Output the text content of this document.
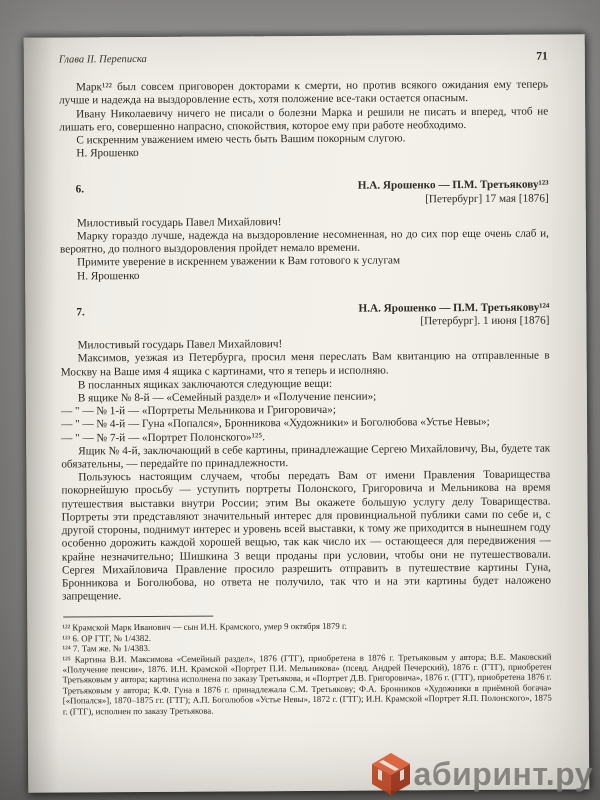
Глава II. Переписка	71

Марк¹²² был совсем приговорен докторами к смерти, но против всякого ожидания ему теперь лучше и надежда на выздоровление есть, хотя положение все-таки остается опасным.

Ивану Николаевичу ничего не писали о болезни Марка и решили не писать и вперед, чтоб не лишать его, совершенно напрасно, спокойствия, которое ему при работе необходимо.

С искренним уважением имею честь быть Вашим покорным слугою.

Н. Ярошенко

6.	Н.А. Ярошенко — П.М. Третьякову¹²³
[Петербург] 17 мая [1876]

Милостивый государь Павел Михайлович!

Марку гораздо лучше, надежда на выздоровление несомненная, но до сих пор еще очень слаб и, вероятно, до полного выздоровления пройдет немало времени.

Примите уверение в искреннем уважении к Вам готового к услугам

Н. Ярошенко

7.	Н.А. Ярошенко — П.М. Третьякову¹²⁴
[Петербург]. 1 июня [1876]

Милостивый государь Павел Михайлович!

Максимов, уезжая из Петербурга, просил меня переслать Вам квитанцию на отправленные в Москву на Ваше имя 4 ящика с картинами, что я теперь и исполняю.

В посланных ящиках заключаются следующие вещи:

В ящике № 8-й — «Семейный раздел» и «Получение пенсии»;

— " — № 1-й — «Портреты Мельникова и Григоровича»;

— " — № 4-й — Гуна «Попался», Бронникова «Художники» и Боголюбова «Устье Невы»;

— " — № 7-й — «Портрет Полонского»¹²⁵.

Ящик № 4-й, заключающий в себе картины, принадлежащие Сергею Михайловичу, Вы, будете так обязательны, — передайте по принадлежности.

Пользуюсь настоящим случаем, чтобы передать Вам от имени Правления Товарищества покорнейшую просьбу — уступить портреты Полонского, Григоровича и Мельникова на время путешествия выставки внутри России; этим Вы окажете большую услугу делу Товарищества. Портреты эти представляют значительный интерес для провинциальной публики сами по себе и, с другой стороны, поднимут интерес и уровень всей выставки, к тому же приходится в нынешнем году особенно дорожить каждой хорошей вещью, так как число их — остающееся для передвижения — крайне незначительно; Шишкина 3 вещи проданы при условии, чтобы они не путешествовали. Сергея Михайловича Правление просило разрешить отправить в путешествие картины Гуна, Бронникова и Боголюбова, но ответа не получило, так что и на эти картины будет наложено запрещение.

¹²² Крамской Марк Иванович — сын И.Н. Крамского, умер 9 октября 1879 г.

¹²³ 6. ОР ГТГ, № 1/4382.

¹²⁴ 7. Там же. № 1/4383.

¹²⁵ Картина В.И. Максимова «Семейный раздел», 1876 (ГТГ), приобретена в 1876 г. Третьяковым у автора; В.Е. Маковский «Получение пенсии», 1876. И.Н. Крамской «Портрет П.И. Мельникова» (псевд. Андрей Печерский), 1876 г. (ГТГ), приобретен Третьяковым у автора; картина исполнена по заказу Третьякова, и «Портрет Д.В. Григоровича», 1876 г. (ГТГ), приобретена 1876 г. Третьяковым у автора; К.Ф. Гуна в 1876 г. принадлежала С.М. Третьякову; Ф.А. Бронников «Художники в приёмной богача» [«Попался»], 1870–1875 гг. (ГТГ); А.П. Боголюбов «Устье Невы», 1872 г. (ГТГ); И.Н. Крамской «Портрет Я.П. Полонского», 1875 г. (ГТГ), исполнен по заказу Третьякова.

абиринт.ру
